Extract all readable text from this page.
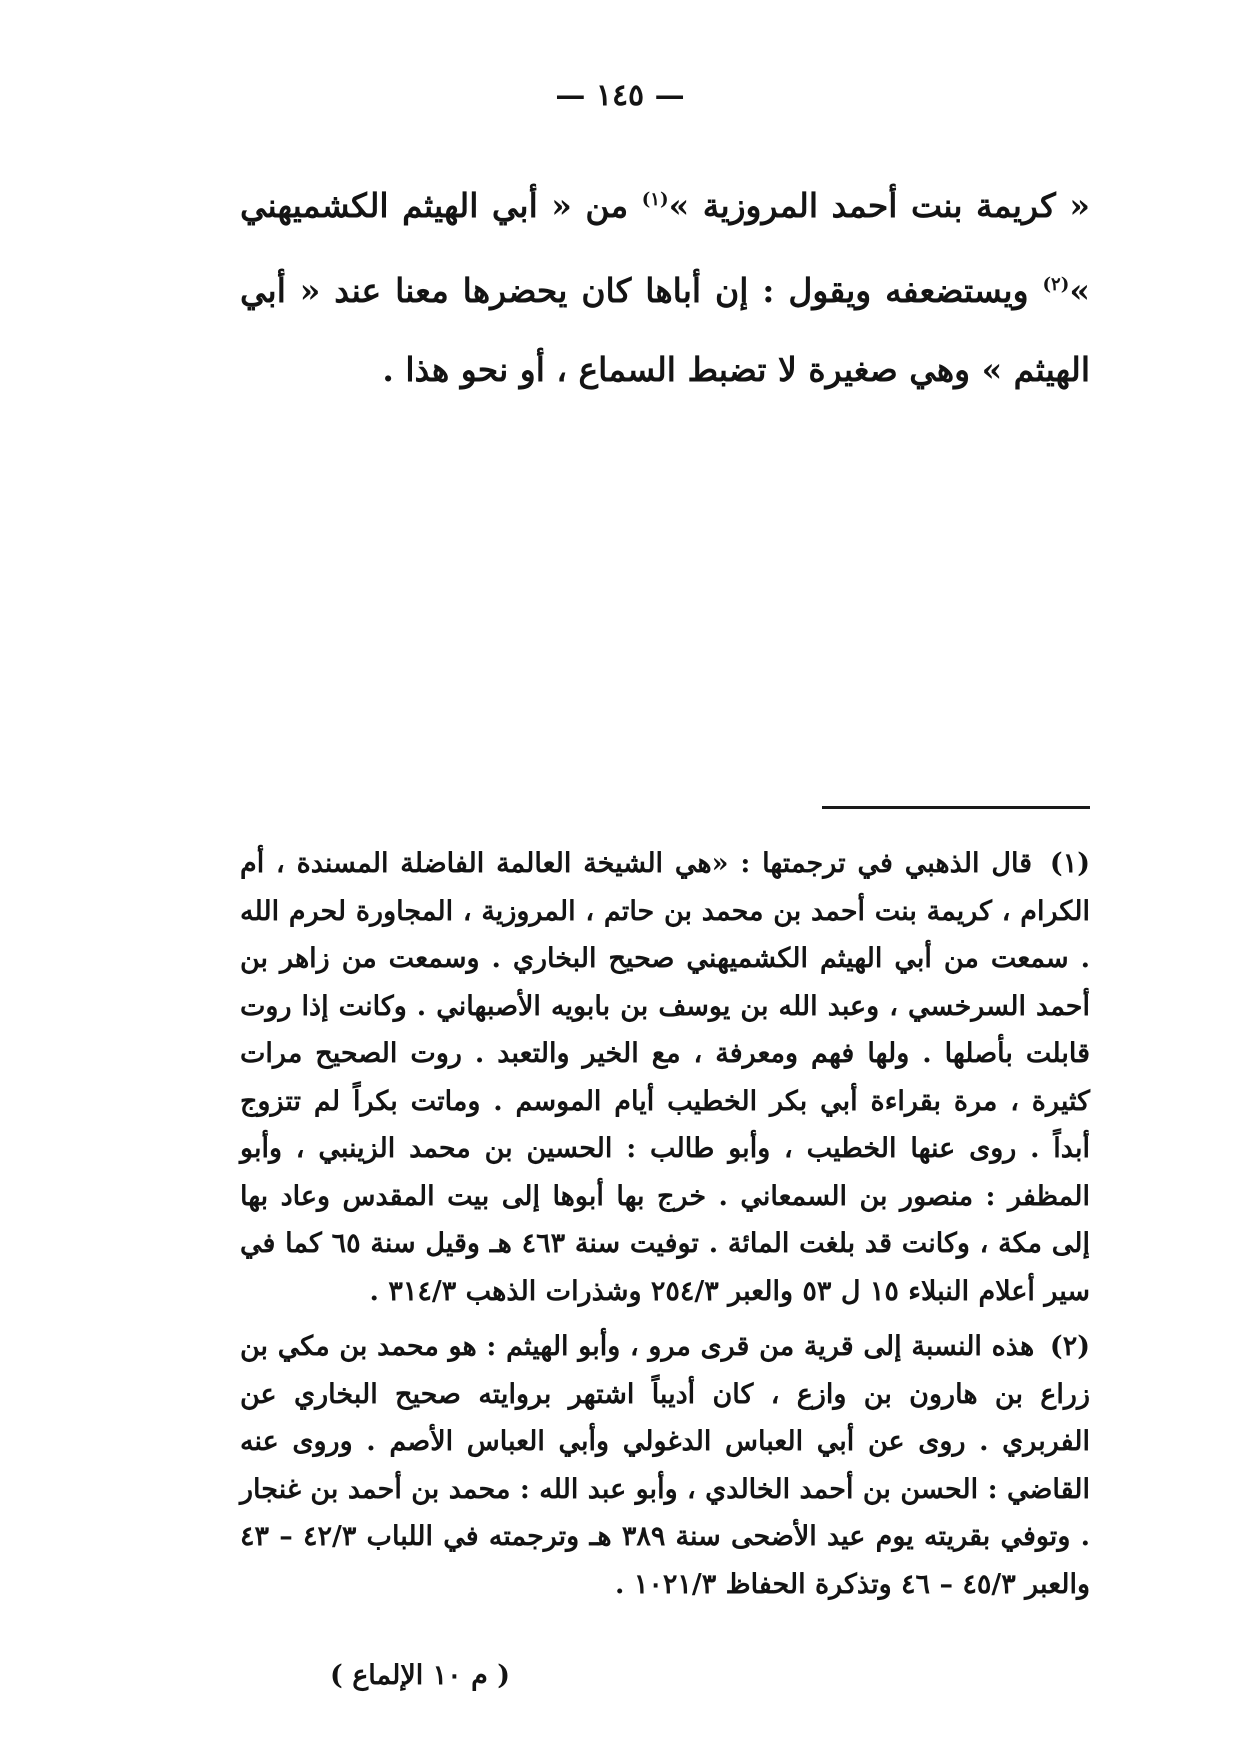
— ١٤٥ —

« كريمة بنت أحمد المروزية »$^{(١)}$ من « أبي الهيثم الكشميهني »$^{(٢)}$ ويستضعفه ويقول : إن أباها كان يحضرها معنا عند « أبي الهيثم » وهي صغيرة لا تضبط السماع ، أو نحو هذا .

(١) قال الذهبي في ترجمتها : «هي الشيخة العالمة الفاضلة المسندة ، أم الكرام ، كريمة بنت أحمد بن محمد بن حاتم ، المروزية ، المجاورة لحرم الله . سمعت من أبي الهيثم الكشميهني صحيح البخاري . وسمعت من زاهر بن أحمد السرخسي ، وعبد الله بن يوسف بن بابويه الأصبهاني . وكانت إذا روت قابلت بأصلها . ولها فهم ومعرفة ، مع الخير والتعبد . روت الصحيح مرات كثيرة ، مرة بقراءة أبي بكر الخطيب أيام الموسم . وماتت بكراً لم تتزوج أبداً . روى عنها الخطيب ، وأبو طالب : الحسين بن محمد الزينبي ، وأبو المظفر : منصور بن السمعاني . خرج بها أبوها إلى بيت المقدس وعاد بها إلى مكة ، وكانت قد بلغت المائة . توفيت سنة ٤٦٣ هـ وقيل سنة ٦٥ كما في سير أعلام النبلاء ١٥ ل ٥٣ والعبر ٢٥٤/٣ وشذرات الذهب ٣١٤/٣ .

(٢) هذه النسبة إلى قرية من قرى مرو ، وأبو الهيثم : هو محمد بن مكي بن زراع بن هارون بن وازع ، كان أديباً اشتهر بروايته صحيح البخاري عن الفربري . روى عن أبي العباس الدغولي وأبي العباس الأصم . وروى عنه القاضي : الحسن بن أحمد الخالدي ، وأبو عبد الله : محمد بن أحمد بن غنجار . وتوفي بقريته يوم عيد الأضحى سنة ٣٨٩ هـ وترجمته في اللباب ٤٢/٣ – ٤٣ والعبر ٤٥/٣ – ٤٦ وتذكرة الحفاظ ١٠٢١/٣ .

( م ١٠ الإلماع )
